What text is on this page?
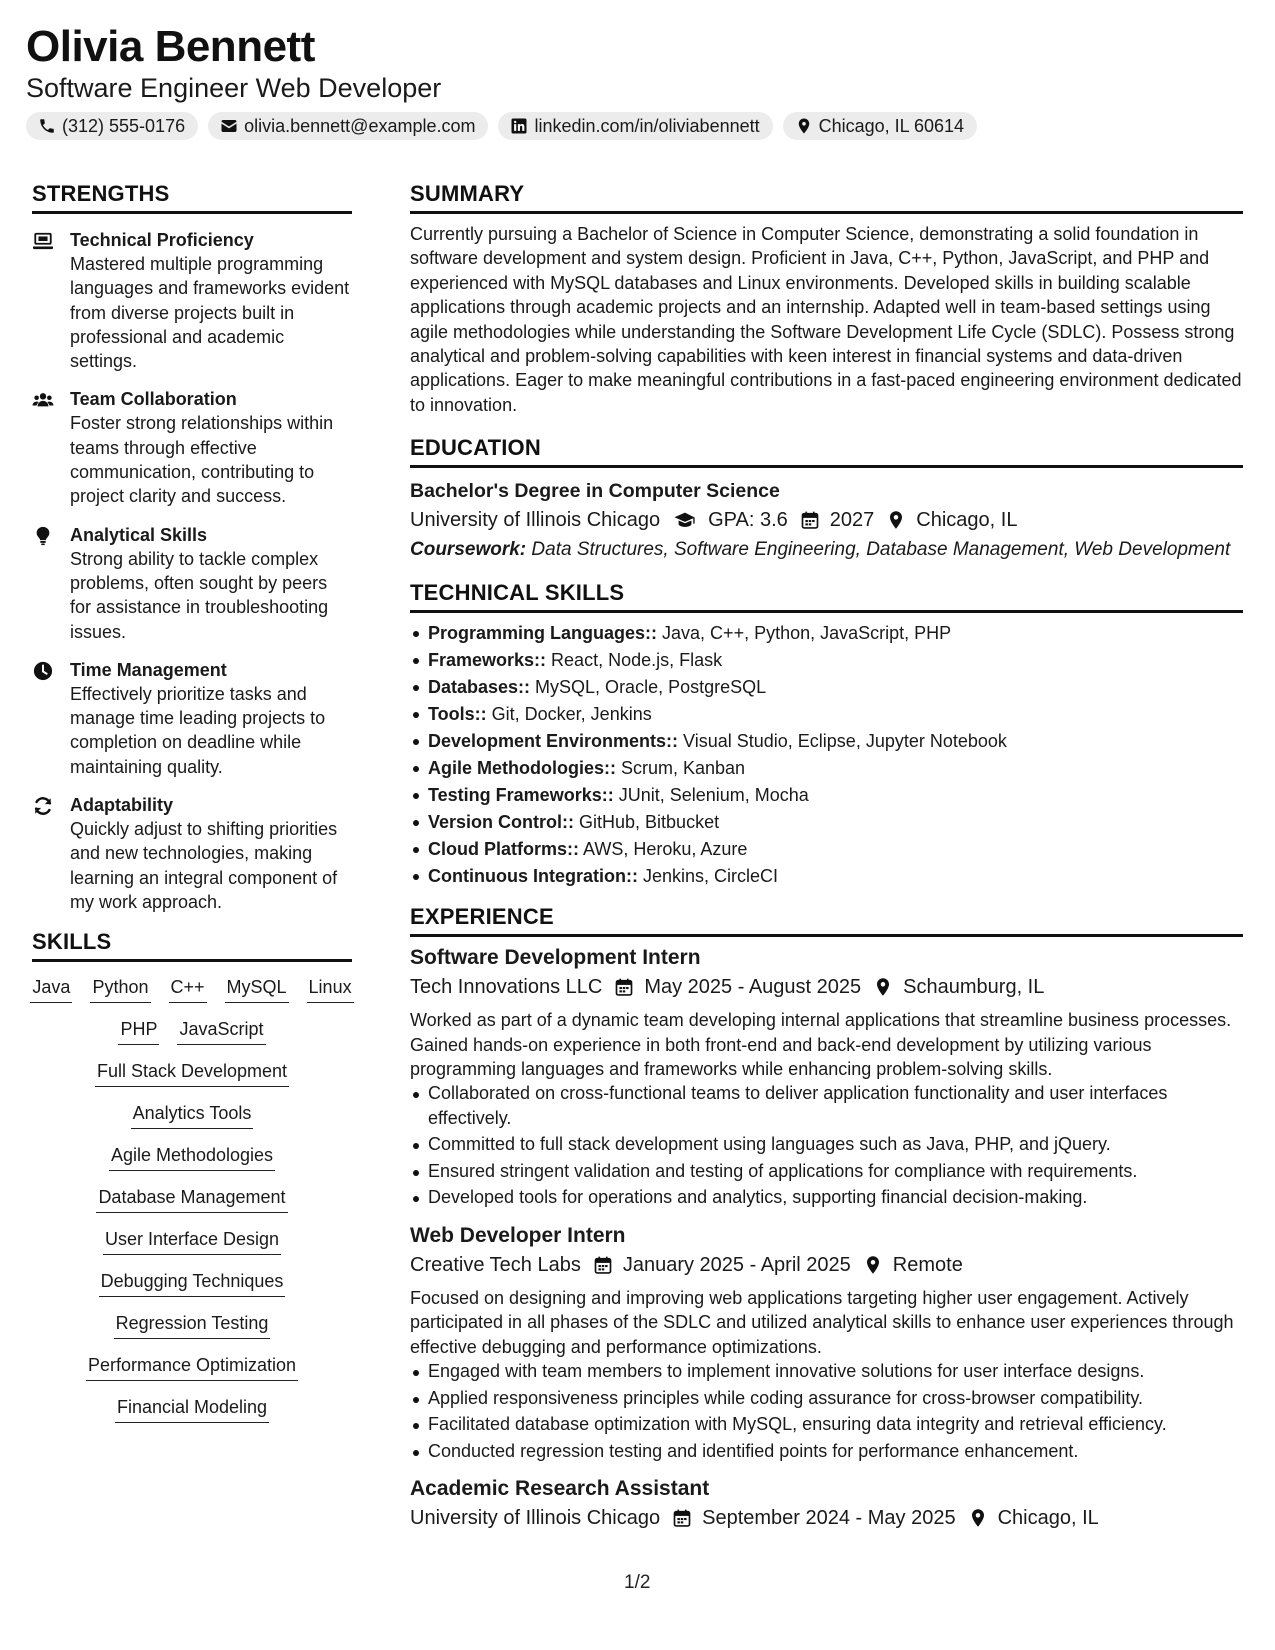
Olivia Bennett
Software Engineer Web Developer
(312) 555-0176	olivia.bennett@example.com	linkedin.com/in/oliviabennett	Chicago, IL 60614
STRENGTHS
Technical Proficiency
Mastered multiple programming languages and frameworks evident from diverse projects built in professional and academic settings.
Team Collaboration
Foster strong relationships within teams through effective communication, contributing to project clarity and success.
Analytical Skills
Strong ability to tackle complex problems, often sought by peers for assistance in troubleshooting issues.
Time Management
Effectively prioritize tasks and manage time leading projects to completion on deadline while maintaining quality.
Adaptability
Quickly adjust to shifting priorities and new technologies, making learning an integral component of my work approach.
SKILLS
Java Python C++ MySQL Linux
PHP JavaScript
Full Stack Development
Analytics Tools
Agile Methodologies
Database Management
User Interface Design
Debugging Techniques
Regression Testing
Performance Optimization
Financial Modeling
SUMMARY
Currently pursuing a Bachelor of Science in Computer Science, demonstrating a solid foundation in software development and system design. Proficient in Java, C++, Python, JavaScript, and PHP and experienced with MySQL databases and Linux environments. Developed skills in building scalable applications through academic projects and an internship. Adapted well in team-based settings using agile methodologies while understanding the Software Development Life Cycle (SDLC). Possess strong analytical and problem-solving capabilities with keen interest in financial systems and data-driven applications. Eager to make meaningful contributions in a fast-paced engineering environment dedicated to innovation.
EDUCATION
Bachelor's Degree in Computer Science
University of Illinois Chicago GPA: 3.6 2027 Chicago, IL
Coursework: Data Structures, Software Engineering, Database Management, Web Development
TECHNICAL SKILLS
Programming Languages:: Java, C++, Python, JavaScript, PHP
Frameworks:: React, Node.js, Flask
Databases:: MySQL, Oracle, PostgreSQL
Tools:: Git, Docker, Jenkins
Development Environments:: Visual Studio, Eclipse, Jupyter Notebook
Agile Methodologies:: Scrum, Kanban
Testing Frameworks:: JUnit, Selenium, Mocha
Version Control:: GitHub, Bitbucket
Cloud Platforms:: AWS, Heroku, Azure
Continuous Integration:: Jenkins, CircleCI
EXPERIENCE
Software Development Intern
Tech Innovations LLC May 2025 - August 2025 Schaumburg, IL
Worked as part of a dynamic team developing internal applications that streamline business processes. Gained hands-on experience in both front-end and back-end development by utilizing various programming languages and frameworks while enhancing problem-solving skills.
Collaborated on cross-functional teams to deliver application functionality and user interfaces effectively.
Committed to full stack development using languages such as Java, PHP, and jQuery.
Ensured stringent validation and testing of applications for compliance with requirements.
Developed tools for operations and analytics, supporting financial decision-making.
Web Developer Intern
Creative Tech Labs January 2025 - April 2025 Remote
Focused on designing and improving web applications targeting higher user engagement. Actively participated in all phases of the SDLC and utilized analytical skills to enhance user experiences through effective debugging and performance optimizations.
Engaged with team members to implement innovative solutions for user interface designs.
Applied responsiveness principles while coding assurance for cross-browser compatibility.
Facilitated database optimization with MySQL, ensuring data integrity and retrieval efficiency.
Conducted regression testing and identified points for performance enhancement.
Academic Research Assistant
University of Illinois Chicago September 2024 - May 2025 Chicago, IL
1/2
